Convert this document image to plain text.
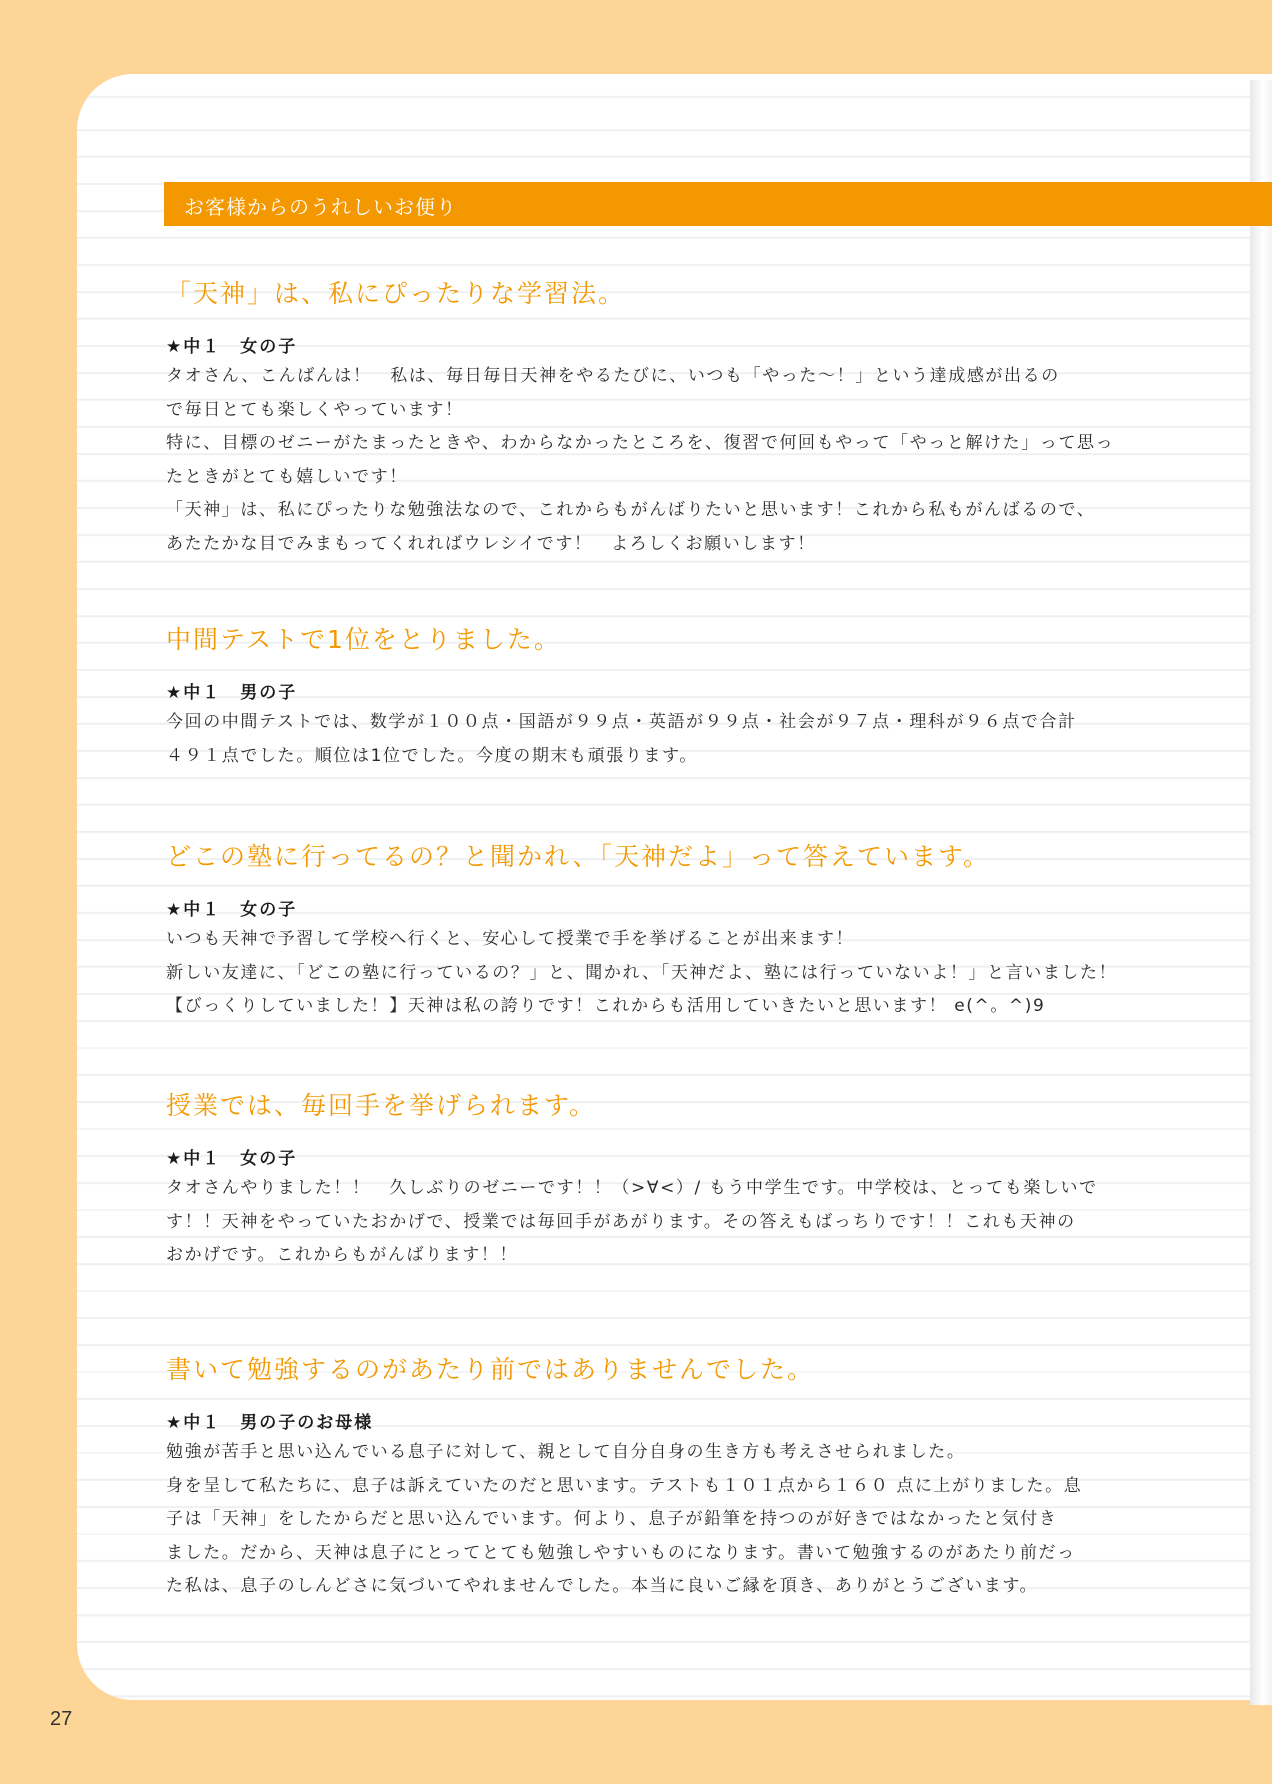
お客様からのうれしいお便り
「天神」は、私にぴったりな学習法。
★中１　女の子
タオさん、こんばんは！　私は、毎日毎日天神をやるたびに、いつも「やった～！」という達成感が出るの
で毎日とても楽しくやっています！
特に、目標のゼニーがたまったときや、わからなかったところを、復習で何回もやって「やっと解けた」って思っ
たときがとても嬉しいです！
「天神」は、私にぴったりな勉強法なので、これからもがんばりたいと思います！これから私もがんばるので、
あたたかな目でみまもってくれればウレシイです！　よろしくお願いします！
中間テストで1位をとりました。
★中１　男の子
今回の中間テストでは、数学が１００点・国語が９９点・英語が９９点・社会が９７点・理科が９６点で合計
４９１点でした。順位は1位でした。今度の期末も頑張ります。
どこの塾に行ってるの？と聞かれ、「天神だよ」って答えています。
★中１　女の子
いつも天神で予習して学校へ行くと、安心して授業で手を挙げることが出来ます！
新しい友達に、「どこの塾に行っているの？」と、聞かれ、「天神だよ、塾には行っていないよ！」と言いました！
【びっくりしていました！】天神は私の誇りです！これからも活用していきたいと思います！ e(^。^)9
授業では、毎回手を挙げられます。
★中１　女の子
タオさんやりました！！　久しぶりのゼニーです！！（>∀<）/ もう中学生です。中学校は、とっても楽しいで
す！！天神をやっていたおかげで、授業では毎回手があがります。その答えもばっちりです！！これも天神の
おかげです。これからもがんばります！！
書いて勉強するのがあたり前ではありませんでした。
★中１　男の子のお母様
勉強が苦手と思い込んでいる息子に対して、親として自分自身の生き方も考えさせられました。
身を呈して私たちに、息子は訴えていたのだと思います。テストも１０１点から１６０ 点に上がりました。息
子は「天神」をしたからだと思い込んでいます。何より、息子が鉛筆を持つのが好きではなかったと気付き
ました。だから、天神は息子にとってとても勉強しやすいものになります。書いて勉強するのがあたり前だっ
た私は、息子のしんどさに気づいてやれませんでした。本当に良いご縁を頂き、ありがとうございます。
27
